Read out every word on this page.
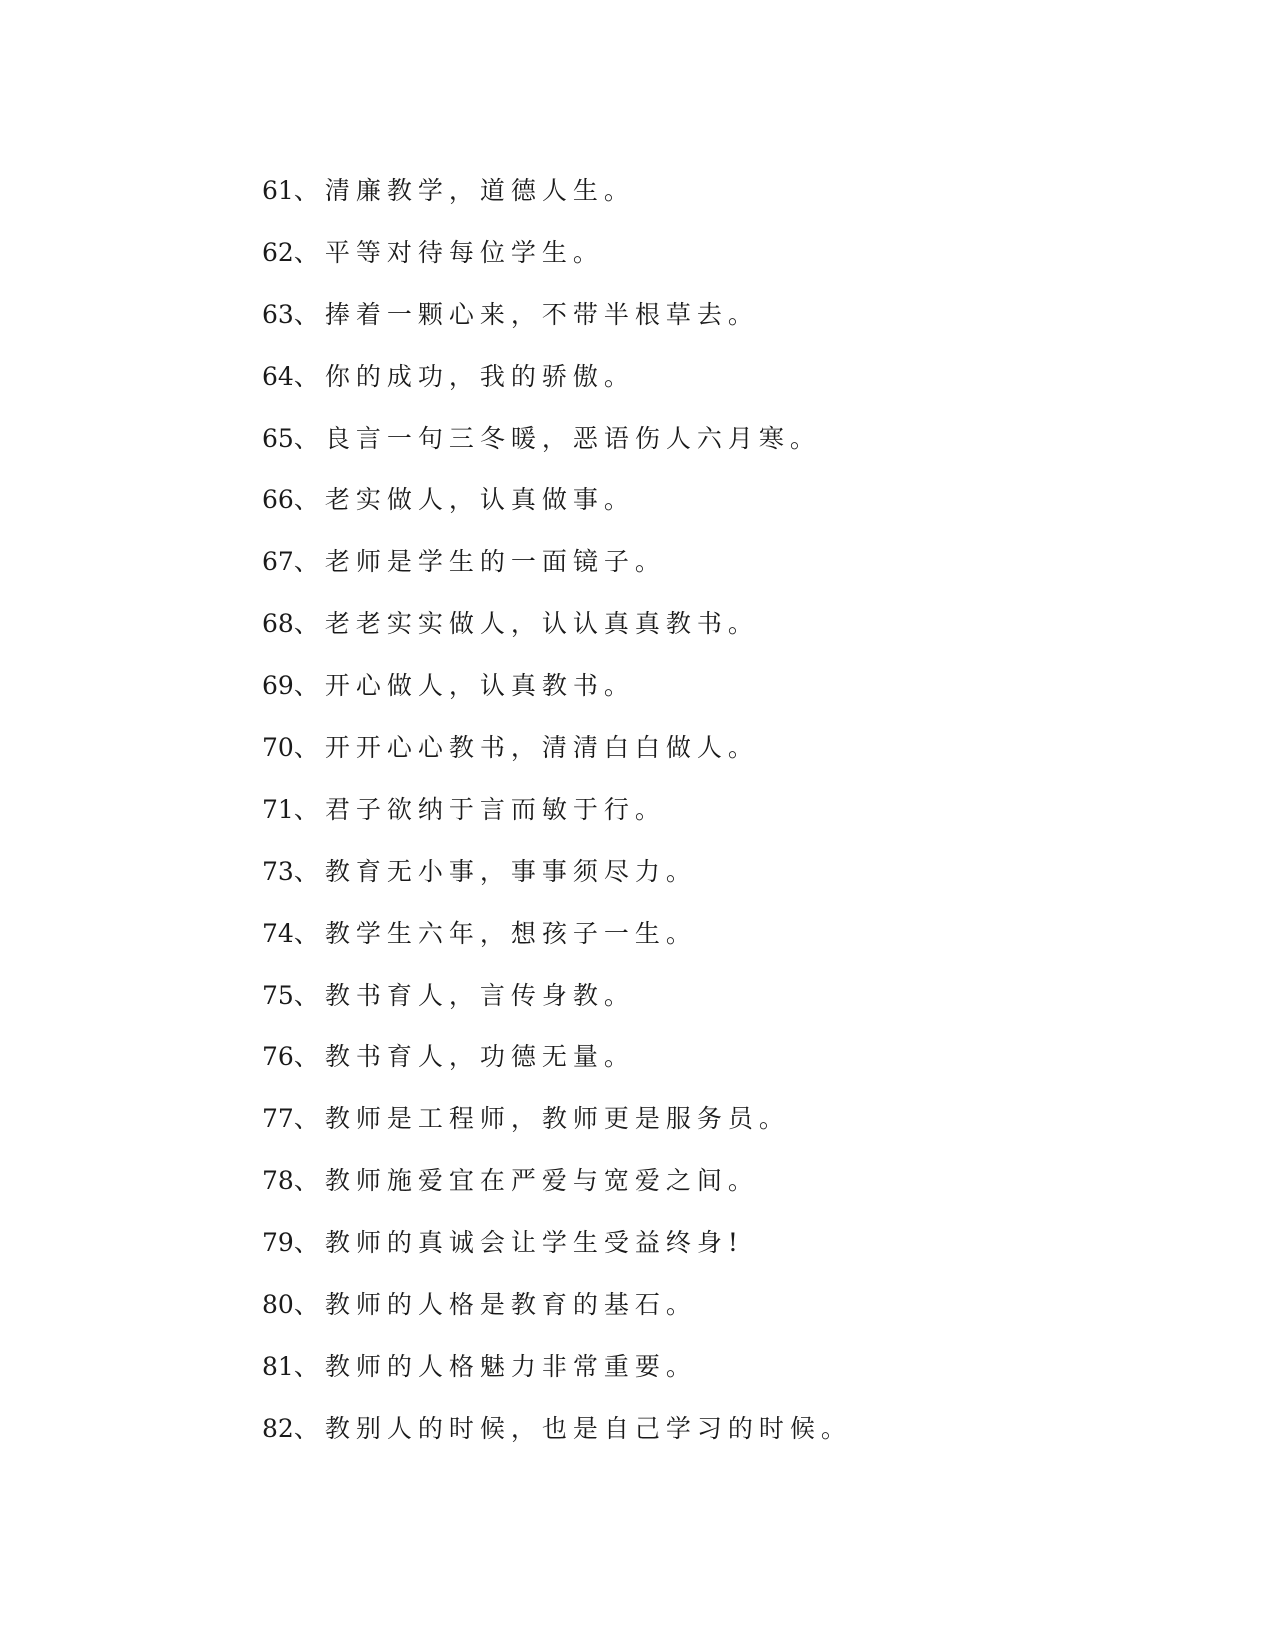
61、清廉教学，道德人生。
62、平等对待每位学生。
63、捧着一颗心来，不带半根草去。
64、你的成功，我的骄傲。
65、良言一句三冬暖，恶语伤人六月寒。
66、老实做人，认真做事。
67、老师是学生的一面镜子。
68、老老实实做人，认认真真教书。
69、开心做人，认真教书。
70、开开心心教书，清清白白做人。
71、君子欲纳于言而敏于行。
73、教育无小事，事事须尽力。
74、教学生六年，想孩子一生。
75、教书育人，言传身教。
76、教书育人，功德无量。
77、教师是工程师，教师更是服务员。
78、教师施爱宜在严爱与宽爱之间。
79、教师的真诚会让学生受益终身!
80、教师的人格是教育的基石。
81、教师的人格魅力非常重要。
82、教别人的时候，也是自己学习的时候。
